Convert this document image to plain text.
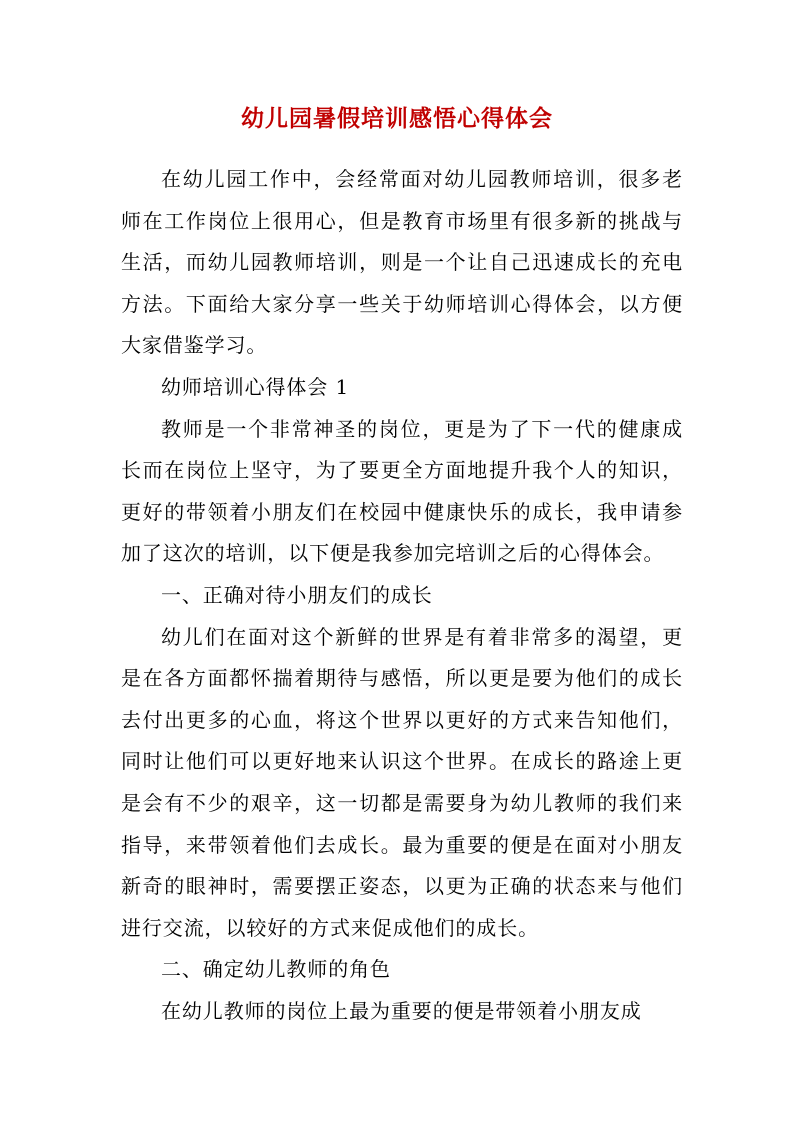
幼儿园暑假培训感悟心得体会

在幼儿园工作中，会经常面对幼儿园教师培训，很多老师在工作岗位上很用心，但是教育市场里有很多新的挑战与生活，而幼儿园教师培训，则是一个让自己迅速成长的充电方法。下面给大家分享一些关于幼师培训心得体会，以方便大家借鉴学习。

幼师培训心得体会 1

教师是一个非常神圣的岗位，更是为了下一代的健康成长而在岗位上坚守，为了要更全方面地提升我个人的知识，更好的带领着小朋友们在校园中健康快乐的成长，我申请参加了这次的培训，以下便是我参加完培训之后的心得体会。

一、正确对待小朋友们的成长

幼儿们在面对这个新鲜的世界是有着非常多的渴望，更是在各方面都怀揣着期待与感悟，所以更是要为他们的成长去付出更多的心血，将这个世界以更好的方式来告知他们，同时让他们可以更好地来认识这个世界。在成长的路途上更是会有不少的艰辛，这一切都是需要身为幼儿教师的我们来指导，来带领着他们去成长。最为重要的便是在面对小朋友新奇的眼神时，需要摆正姿态，以更为正确的状态来与他们进行交流，以较好的方式来促成他们的成长。

二、确定幼儿教师的角色

在幼儿教师的岗位上最为重要的便是带领着小朋友成
